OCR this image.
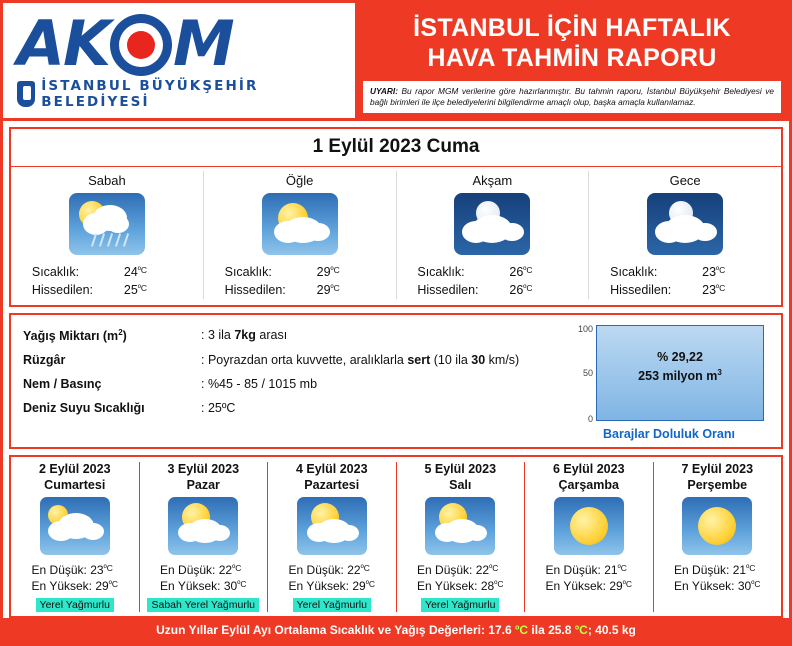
AK M
İSTANBUL BÜYÜKŞEHİR BELEDİYESİ
İSTANBUL İÇİN HAFTALIK
HAVA TAHMİN RAPORU
UYARI: Bu rapor MGM verilerine göre hazırlanmıştır. Bu tahmin raporu, İstanbul Büyükşehir Belediyesi ve bağlı birimleri ile ilçe belediyelerini bilgilendirme amaçlı olup, başka amaçla kullanılamaz.
1 Eylül 2023 Cuma
Sabah
Sıcaklık:	$24^{ºC}$
Hissedilen:	$25^{ºC}$
Öğle
Sıcaklık:	$29^{ºC}$
Hissedilen:	$29^{ºC}$
Akşam
Sıcaklık:	$26^{ºC}$
Hissedilen:	$26^{ºC}$
Gece
Sıcaklık:	$23^{ºC}$
Hissedilen:	$23^{ºC}$
Yağış Miktarı $(m^2)$	: 3 ila 7kg arası
Rüzgâr	: Poyrazdan orta kuvvette, aralıklarla sert (10 ila 30 km/s)
Nem / Basınç	: %45 - 85 / 1015 mb
Deniz Suyu Sıcaklığı	: 25ºC
100
50
0
% 29,22
253 milyon $m^3$
Barajlar Doluluk Oranı
2 Eylül 2023
Cumartesi
En Düşük: $23^{ºC}$
En Yüksek: $29^{ºC}$
Yerel Yağmurlu
3 Eylül 2023
Pazar
En Düşük: $22^{ºC}$
En Yüksek: $30^{ºC}$
Sabah Yerel Yağmurlu
4 Eylül 2023
Pazartesi
En Düşük: $22^{ºC}$
En Yüksek: $29^{ºC}$
Yerel Yağmurlu
5 Eylül 2023
Salı
En Düşük: $22^{ºC}$
En Yüksek: $28^{ºC}$
Yerel Yağmurlu
6 Eylül 2023
Çarşamba
En Düşük: $21^{ºC}$
En Yüksek: $29^{ºC}$
7 Eylül 2023
Perşembe
En Düşük: $21^{ºC}$
En Yüksek: $30^{ºC}$
Uzun Yıllar Eylül Ayı Ortalama Sıcaklık ve Yağış Değerleri: 17.6 ºC ila 25.8 ºC; 40.5 kg
